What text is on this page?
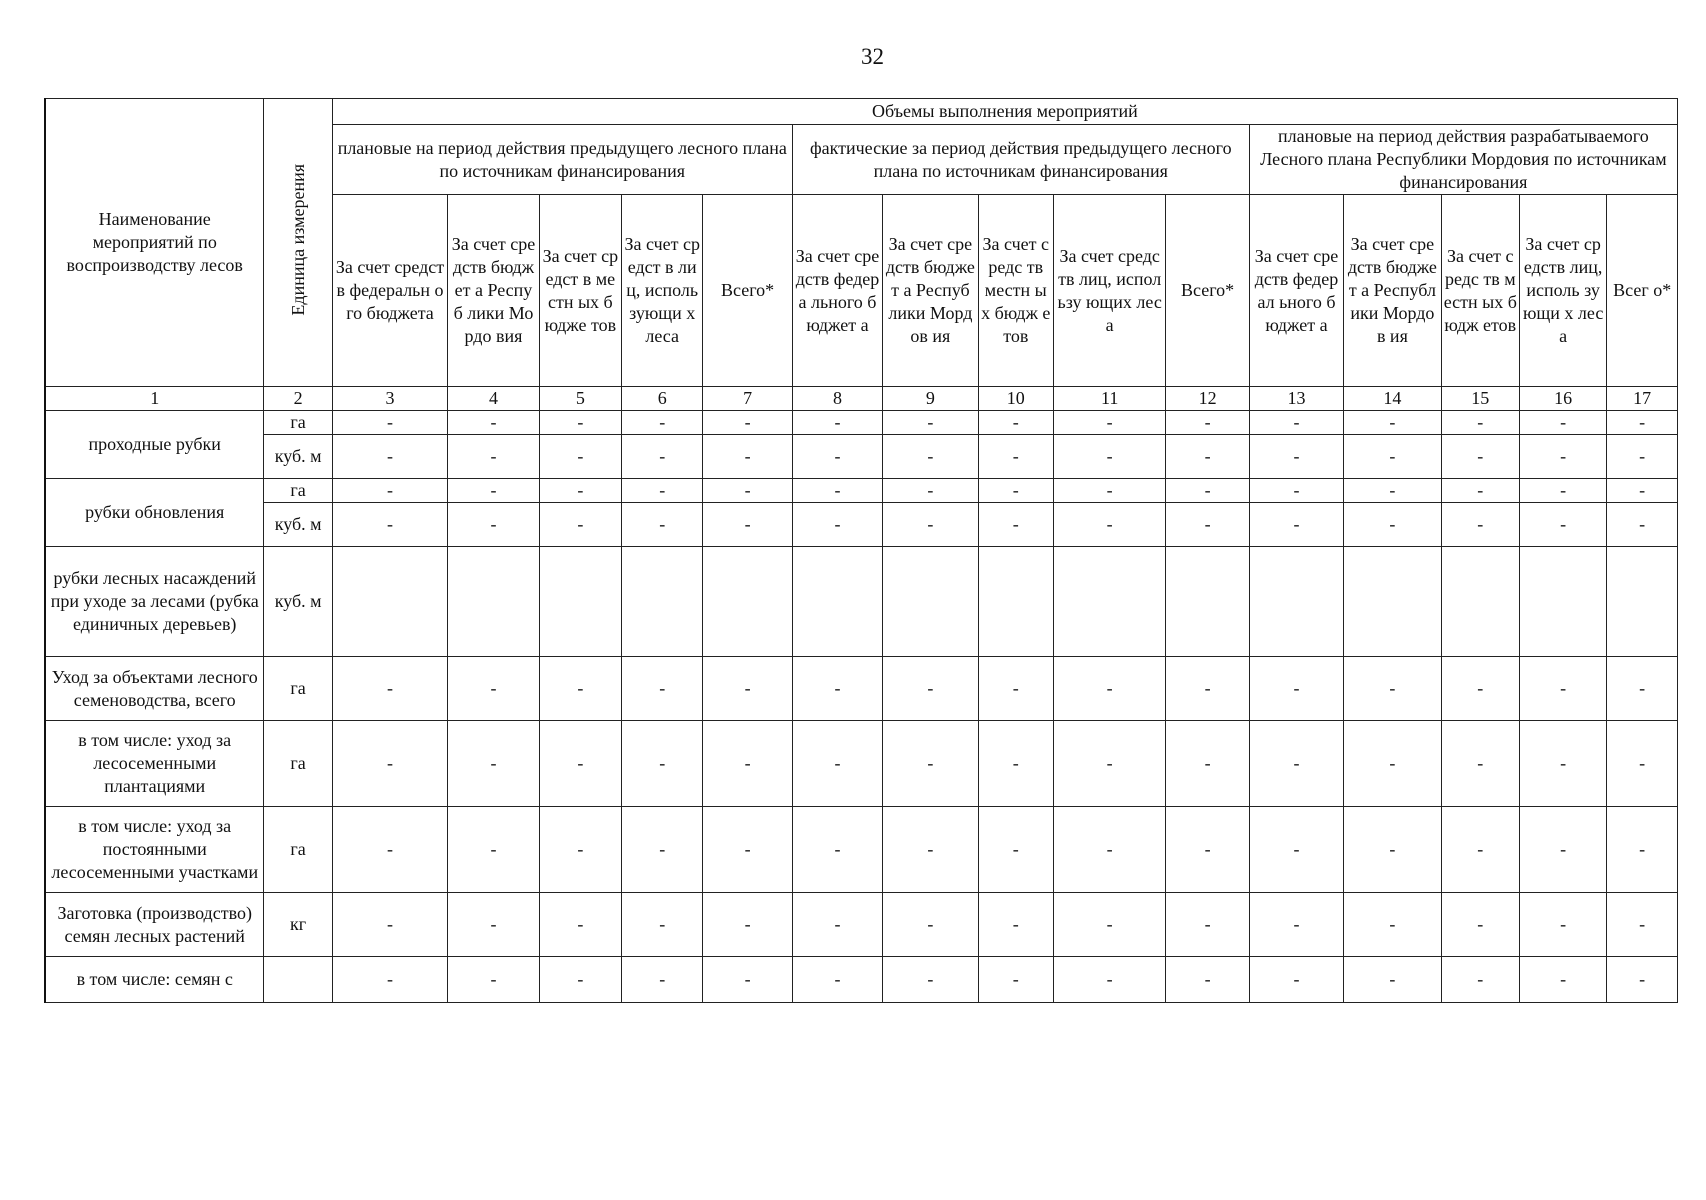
32
Наименование мероприятий по воспроизводству лесов	Единица измерения	Объемы выполнения мероприятий														
		плановые на период действия предыдущего лесного плана по источникам финансирования					фактические за период действия предыдущего лесного плана по источникам финансирования					плановые на период действия разрабатываемого Лесного плана Республики Мордовия по источникам финансирования				
		За счет средств федеральн ого бюджета	За счет средств бюджет а Респуб лики Мордо вия	За счет средст в местн ых бюдже тов	За счет средст в лиц, исполь зующи х леса	Всего*	За счет средств федера льного бюджет а	За счет средств бюджет а Респуб лики Мордов ия	За счет средс тв местн ых бюдж етов	За счет средств лиц, использу ющих леса	Всего*	За счет средств федерал ьного бюджет а	За счет средств бюджет а Республ ики Мордов ия	За счет средс тв местн ых бюдж етов	За счет средств лиц, исполь зующи х леса	Всег о*
1	2	3	4	5	6	7	8	9	10	11	12	13	14	15	16	17
проходные рубки	га	-	-	-	-	-	-	-	-	-	-	-	-	-	-	-
	куб. м	-	-	-	-	-	-	-	-	-	-	-	-	-	-	-
рубки обновления	га	-	-	-	-	-	-	-	-	-	-	-	-	-	-	-
	куб. м	-	-	-	-	-	-	-	-	-	-	-	-	-	-	-
рубки лесных насаждений при уходе за лесами (рубка единичных деревьев)	куб. м															
Уход за объектами лесного семеноводства, всего	га	-	-	-	-	-	-	-	-	-	-	-	-	-	-	-
в том числе: уход за лесосеменными плантациями	га	-	-	-	-	-	-	-	-	-	-	-	-	-	-	-
в том числе: уход за постоянными лесосеменными участками	га	-	-	-	-	-	-	-	-	-	-	-	-	-	-	-
Заготовка (производство) семян лесных растений	кг	-	-	-	-	-	-	-	-	-	-	-	-	-	-	-
в том числе: семян с		-	-	-	-	-	-	-	-	-	-	-	-	-	-	-
